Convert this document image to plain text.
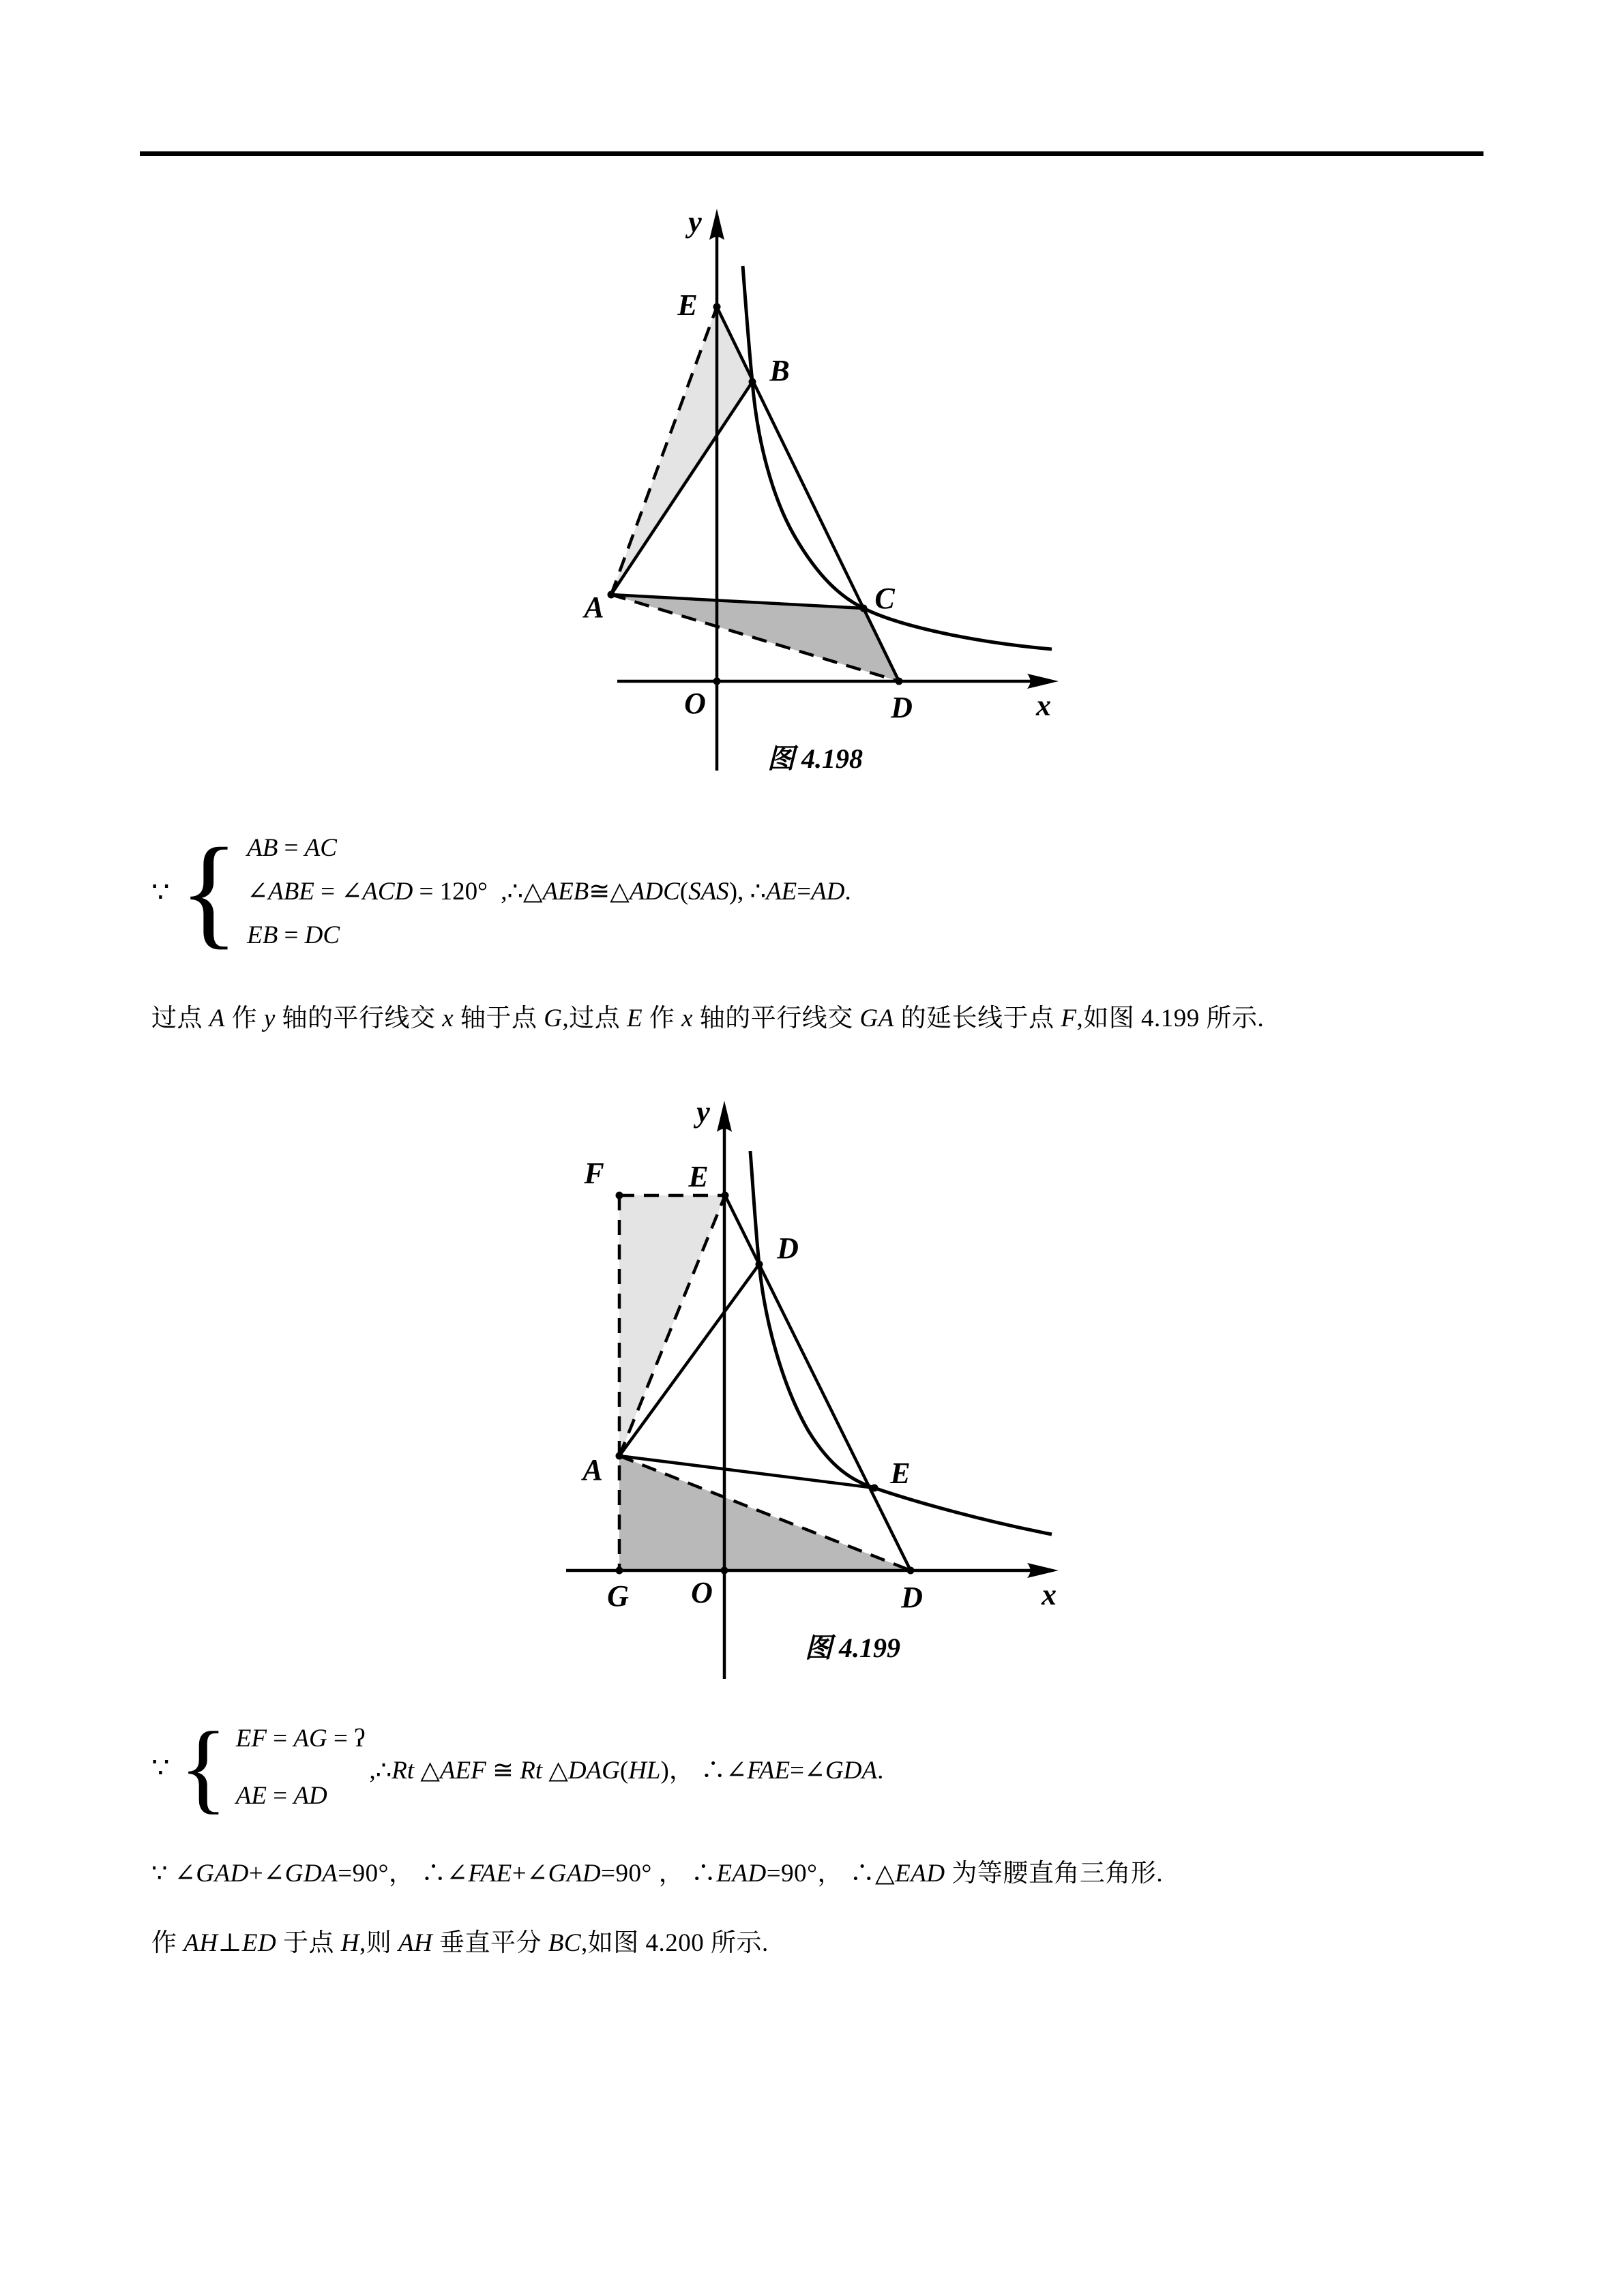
y
E
B
A	C
O	D	x
图 4.198
∵ { AB = AC
∠ABE = ∠ACD = 120° ,∴△AEB≅△ADC(SAS), ∴AE=AD.
EB = DC
过点 A 作 y 轴的平行线交 x 轴于点 G,过点 E 作 x 轴的平行线交 GA 的延长线于点 F,如图 4.199 所示.
y
F	E
D
A	E
G O	D	x
图 4.199
∵ { EF = AG = ʔ
AE = AD
,∴Rt △AEF ≅ Rt △DAG(HL)， ∴∠FAE=∠GDA.
∵ ∠GAD+∠GDA=90°， ∴∠FAE+∠GAD=90° ， ∴EAD=90°， ∴△EAD 为等腰直角三角形.
作 AH⊥ED 于点 H,则 AH 垂直平分 BC,如图 4.200 所示.
